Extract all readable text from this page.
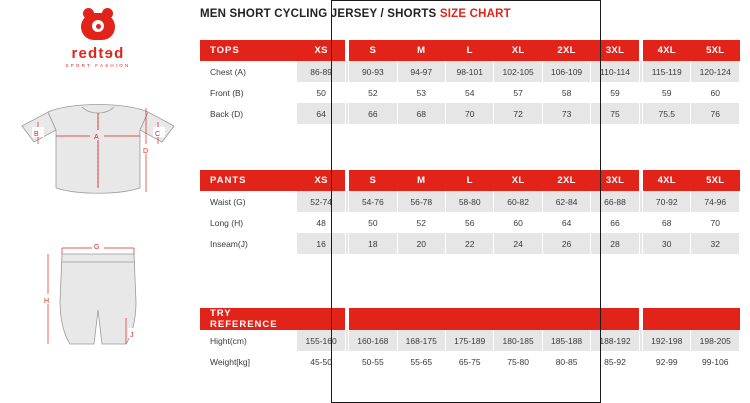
redtɘd
SPORT FASHION
A
B	C
D
G
H
J
MEN SHORT CYCLING JERSEY / SHORTS SIZE CHART
TOPS	XS		S	M	L	XL	2XL	3XL		4XL	5XL
Chest (A)	86-89		90-93	94-97	98-101	102-105	106-109	110-114		115-119	120-124
Front (B)	50		52	53	54	57	58	59		59	60
Back (D)	64		66	68	70	72	73	75		75.5	76
PANTS	XS		S	M	L	XL	2XL	3XL		4XL	5XL
Waist (G)	52-74		54-76	56-78	58-80	60-82	62-84	66-88		70-92	74-96
Long (H)	48		50	52	56	60	64	66		68	70
Inseam(J)	16		18	20	22	24	26	28		30	32
TRY REFERENCE											
Hight(cm)	155-160		160-168	168-175	175-189	180-185	185-188	188-192		192-198	198-205
Weight[kg]	45-50		50-55	55-65	65-75	75-80	80-85	85-92		92-99	99-106
